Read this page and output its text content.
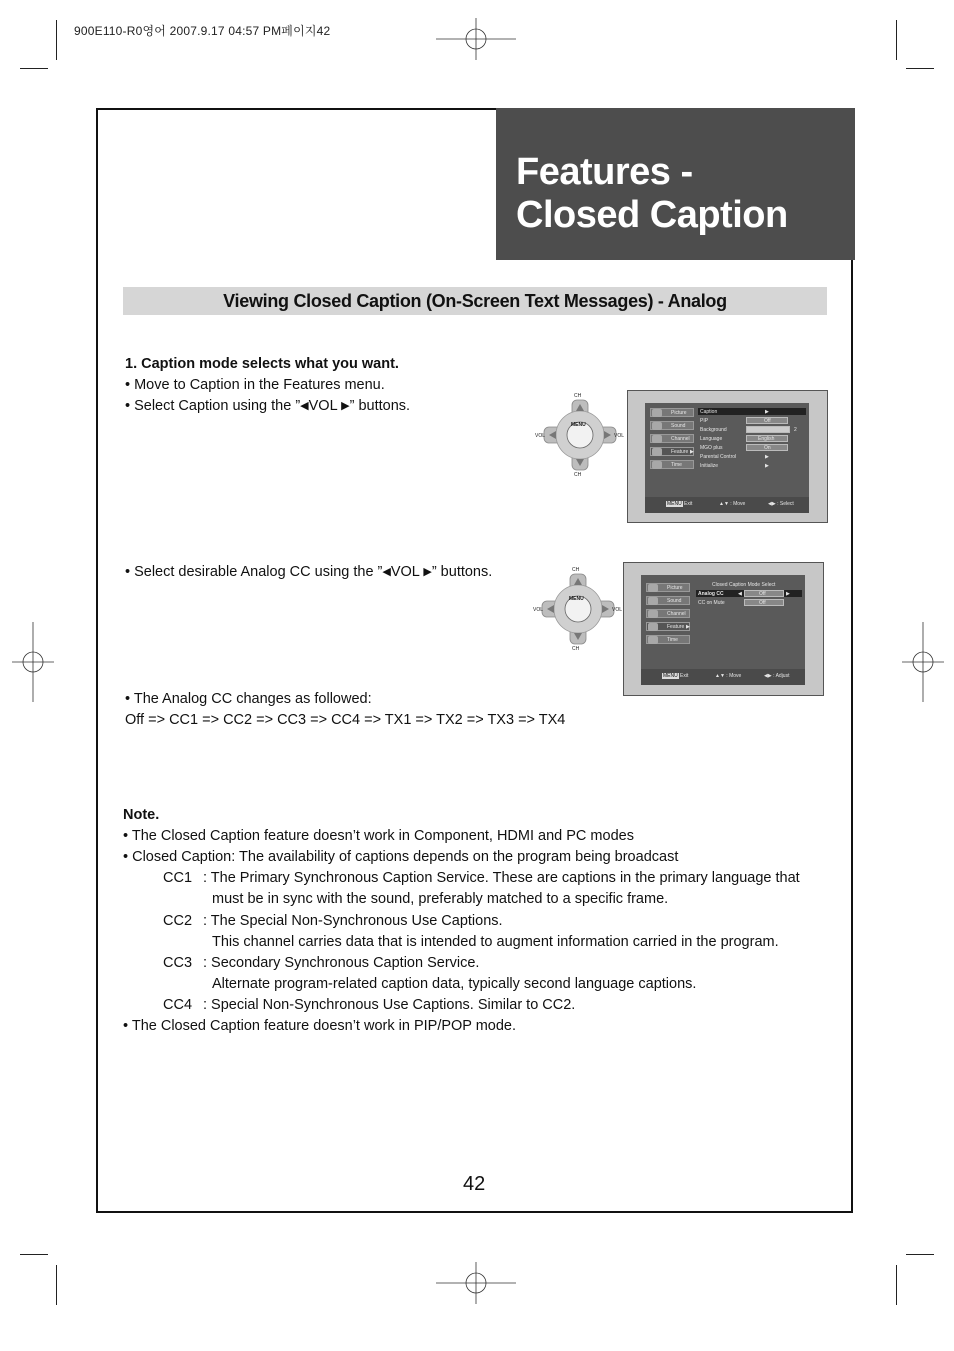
900E110-R0영어 2007.9.17 04:57 PM페이지42
Features -
Closed Caption
Viewing Closed Caption (On-Screen Text Messages) - Analog
1. Caption mode selects what you want.
• Move to Caption in the Features menu.
• Select Caption using the ”◀VOL ▶” buttons.
CH
CH
VOL	VOL
MENU
Picture
Sound
Channel
Feature ▶
Time
Caption	▶
PIP	Off
Background	2
Language	English
MGO plus	On
Parental Control	▶
Initialize	▶
MENU Exit	▲▼ : Move	◀▶ : Select
• Select desirable Analog CC using the ”◀VOL ▶” buttons.	CH
CH
VOL	VOL
MENU
Picture
Sound
Channel
Feature ▶
Time
Closed Caption Mode Select
Analog CC	◀	Off	▶
CC on Mute	Off
MENU Exit	▲▼ : Move	◀▶ : Adjust
• The Analog CC changes as followed:
Off => CC1 => CC2 => CC3 => CC4 => TX1 => TX2 => TX3 => TX4
Note.
• The Closed Caption feature doesn’t work in Component, HDMI and PC modes
• Closed Caption: The availability of captions depends on the program being broadcast
CC1 : The Primary Synchronous Caption Service. These are captions in the primary language that
must be in sync with the sound, preferably matched to a specific frame.
CC2 : The Special Non-Synchronous Use Captions.
This channel carries data that is intended to augment information carried in the program.
CC3 : Secondary Synchronous Caption Service.
Alternate program-related caption data, typically second language captions.
CC4 : Special Non-Synchronous Use Captions. Similar to CC2.
• The Closed Caption feature doesn’t work in PIP/POP mode.
42
